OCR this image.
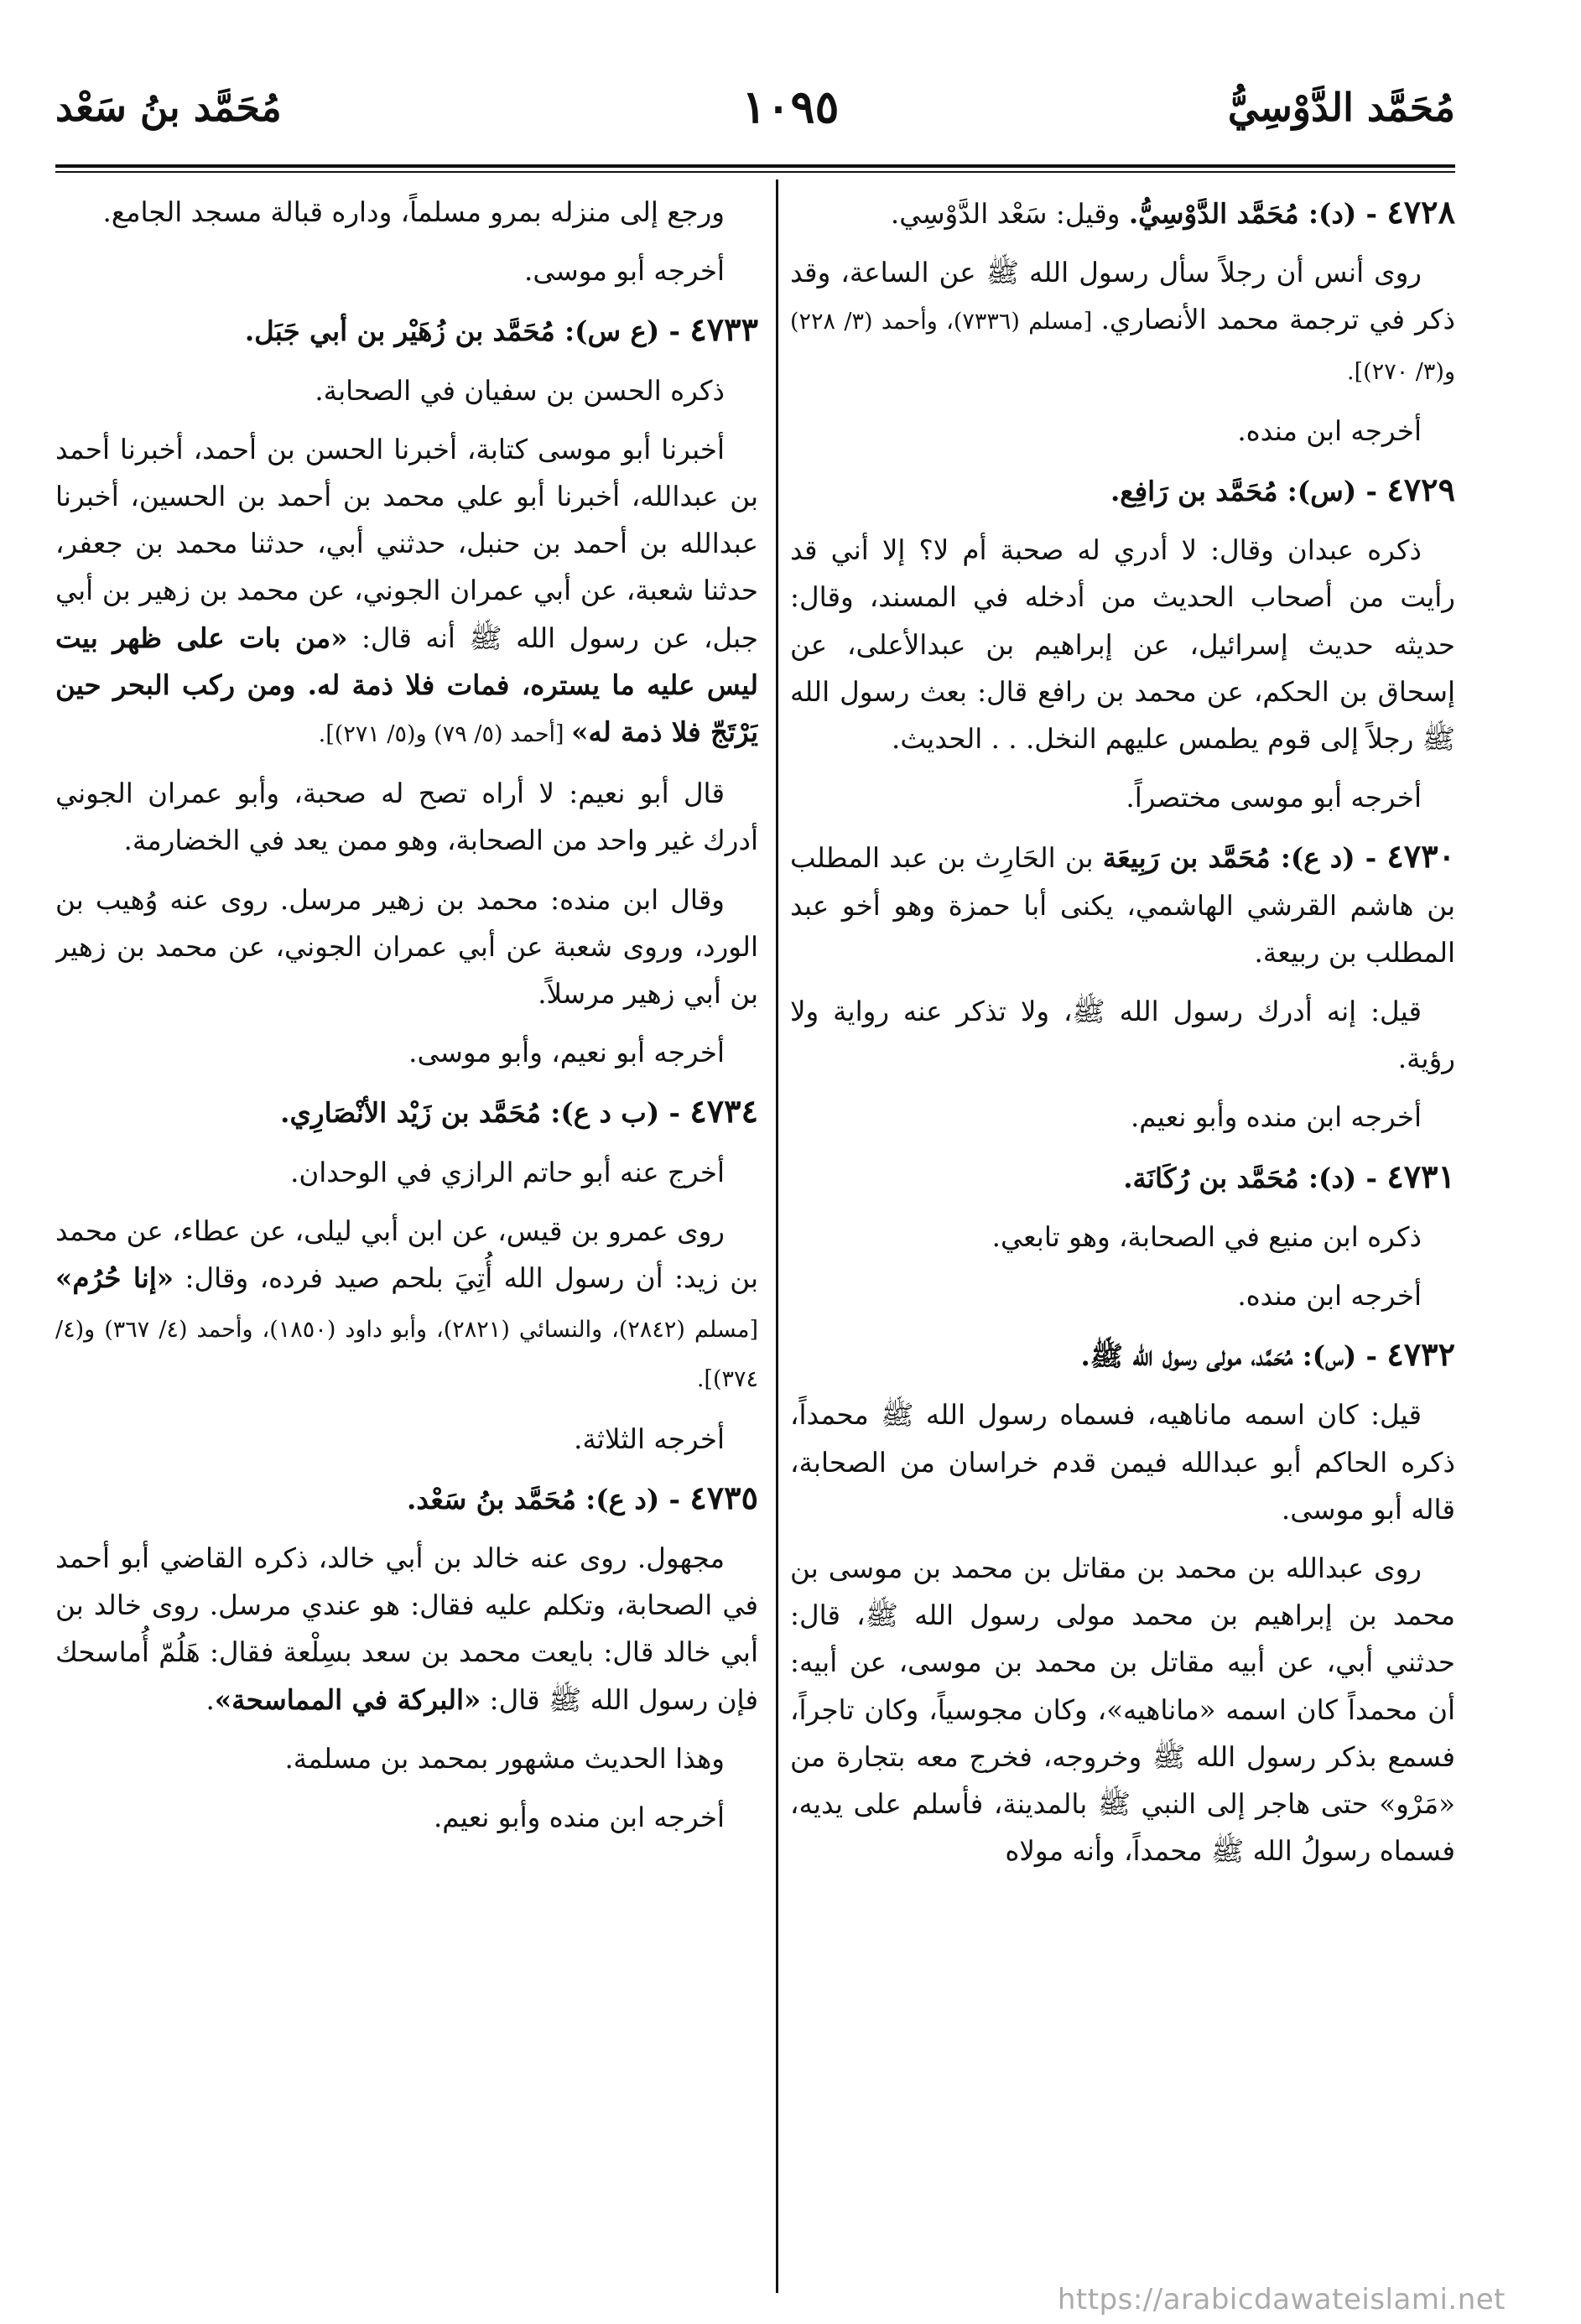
مُحَمَّد الدَّوْسِيُّ
١٠٩٥
مُحَمَّد بنُ سَعْد

٤٧٢٨ - (د): مُحَمَّد الدَّوْسِيُّ. وقيل: سَعْد الدَّوْسِي.

روى أنس أن رجلاً سأل رسول الله ﷺ عن الساعة، وقد ذكر في ترجمة محمد الأنصاري. [مسلم (٧٣٣٦)، وأحمد (٣/ ٢٢٨) و(٣/ ٢٧٠)].

أخرجه ابن منده.

٤٧٢٩ - (س): مُحَمَّد بن رَافِع.

ذكره عبدان وقال: لا أدري له صحبة أم لا؟ إلا أني قد رأيت من أصحاب الحديث من أدخله في المسند، وقال: حديثه حديث إسرائيل، عن إبراهيم بن عبدالأعلى، عن إسحاق بن الحكم، عن محمد بن رافع قال: بعث رسول الله ﷺ رجلاً إلى قوم يطمس عليهم النخل. . . الحديث.

أخرجه أبو موسى مختصراً.

٤٧٣٠ - (د ع): مُحَمَّد بن رَبِيعَة بن الحَارِث بن عبد المطلب بن هاشم القرشي الهاشمي، يكنى أبا حمزة وهو أخو عبد المطلب بن ربيعة.

قيل: إنه أدرك رسول الله ﷺ، ولا تذكر عنه رواية ولا رؤية.

أخرجه ابن منده وأبو نعيم.

٤٧٣١ - (د): مُحَمَّد بن رُكَانَة.

ذكره ابن منيع في الصحابة، وهو تابعي.

أخرجه ابن منده.

٤٧٣٢ - (س): مُحَمَّد، مولى رسول الله ﷺ.

قيل: كان اسمه ماناهيه، فسماه رسول الله ﷺ محمداً، ذكره الحاكم أبو عبدالله فيمن قدم خراسان من الصحابة، قاله أبو موسى.

روى عبدالله بن محمد بن مقاتل بن محمد بن موسى بن محمد بن إبراهيم بن محمد مولى رسول الله ﷺ، قال: حدثني أبي، عن أبيه مقاتل بن محمد بن موسى، عن أبيه: أن محمداً كان اسمه «ماناهيه»، وكان مجوسياً، وكان تاجراً، فسمع بذكر رسول الله ﷺ وخروجه، فخرج معه بتجارة من «مَرْو» حتى هاجر إلى النبي ﷺ بالمدينة، فأسلم على يديه، فسماه رسولُ الله ﷺ محمداً، وأنه مولاه

ورجع إلى منزله بمرو مسلماً، وداره قبالة مسجد الجامع.

أخرجه أبو موسى.

٤٧٣٣ - (ع س): مُحَمَّد بن زُهَيْر بن أبي جَبَل.

ذكره الحسن بن سفيان في الصحابة.

أخبرنا أبو موسى كتابة، أخبرنا الحسن بن أحمد، أخبرنا أحمد بن عبدالله، أخبرنا أبو علي محمد بن أحمد بن الحسين، أخبرنا عبدالله بن أحمد بن حنبل، حدثني أبي، حدثنا محمد بن جعفر، حدثنا شعبة، عن أبي عمران الجوني، عن محمد بن زهير بن أبي جبل، عن رسول الله ﷺ أنه قال: «من بات على ظهر بيت ليس عليه ما يستره، فمات فلا ذمة له. ومن ركب البحر حين يَرْتَجّ فلا ذمة له» [أحمد (٥/ ٧٩) و(٥/ ٢٧١)].

قال أبو نعيم: لا أراه تصح له صحبة، وأبو عمران الجوني أدرك غير واحد من الصحابة، وهو ممن يعد في الخضارمة.

وقال ابن منده: محمد بن زهير مرسل. روى عنه وُهيب بن الورد، وروى شعبة عن أبي عمران الجوني، عن محمد بن زهير بن أبي زهير مرسلاً.

أخرجه أبو نعيم، وأبو موسى.

٤٧٣٤ - (ب د ع): مُحَمَّد بن زَيْد الأنْصَارِي.

أخرج عنه أبو حاتم الرازي في الوحدان.

روى عمرو بن قيس، عن ابن أبي ليلى، عن عطاء، عن محمد بن زيد: أن رسول الله أُتِيَ بلحم صيد فرده، وقال: «إنا حُرُم» [مسلم (٢٨٤٢)، والنسائي (٢٨٢١)، وأبو داود (١٨٥٠)، وأحمد (٤/ ٣٦٧) و(٤/ ٣٧٤)].

أخرجه الثلاثة.

٤٧٣٥ - (د ع): مُحَمَّد بنُ سَعْد.

مجهول. روى عنه خالد بن أبي خالد، ذكره القاضي أبو أحمد في الصحابة، وتكلم عليه فقال: هو عندي مرسل. روى خالد بن أبي خالد قال: بايعت محمد بن سعد بسِلْعة فقال: هَلُمّ أُماسحك فإن رسول الله ﷺ قال: «البركة في المماسحة».

وهذا الحديث مشهور بمحمد بن مسلمة.

أخرجه ابن منده وأبو نعيم.

https://arabicdawateislami.net
